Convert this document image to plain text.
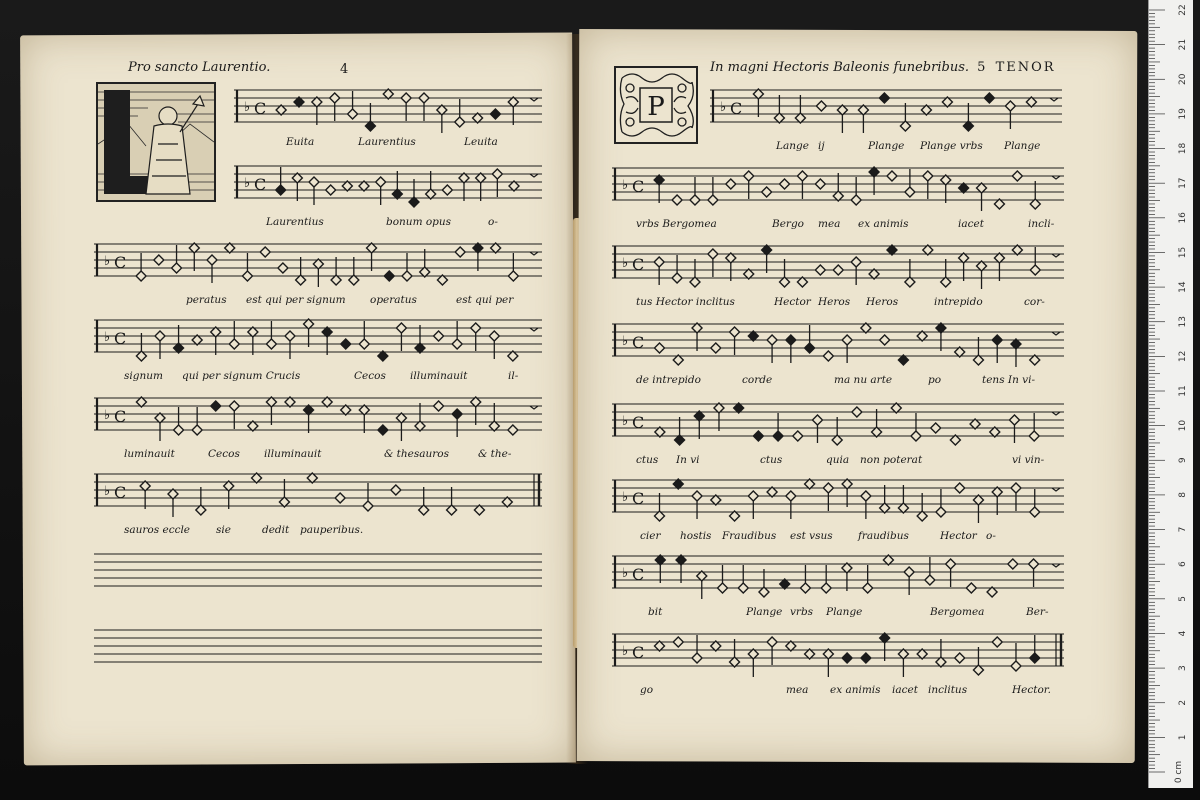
Pro sancto Laurentio.	4
♭ C
Euita	Laurentius	Leuita
♭ C
Laurentius	bonum opus	o-
♭ C
peratus est qui per signum operatus	est qui per
♭ C
signum qui per signum Crucis	Cecos illuminauit	il-
♭ C
luminauit	Cecos illuminauit	& thesauros	& the-
♭ C
sauros eccle sie	dedit pauperibus.
P
In magni Hectoris Baleonis funebribus. 5 TENOR
♭ C
Lange ij	Plange Plange vrbs Plange
♭ C
vrbs Bergomea	Bergo mea ex animis	iacet	incli-
♭ C
tus Hector inclitus	Hector Heros Heros	intrepido	cor-
♭ C
de intrepido	corde	ma nu arte	po	tens In vi-
♭ C
ctus In vi	ctus	quia non poterat	vi vin-
♭ C
cier hostis Fraudibus est vsus fraudibus	Hector o-
♭ C
bit	Plange vrbs Plange	Bergomea	Ber-
♭ C
go	mea ex animis iacet inclitus	Hector.
1
2
3
4
5
6
7
8
9
10
11
12
13
14
15
16
17
18
19
20
21
22
0 cm
